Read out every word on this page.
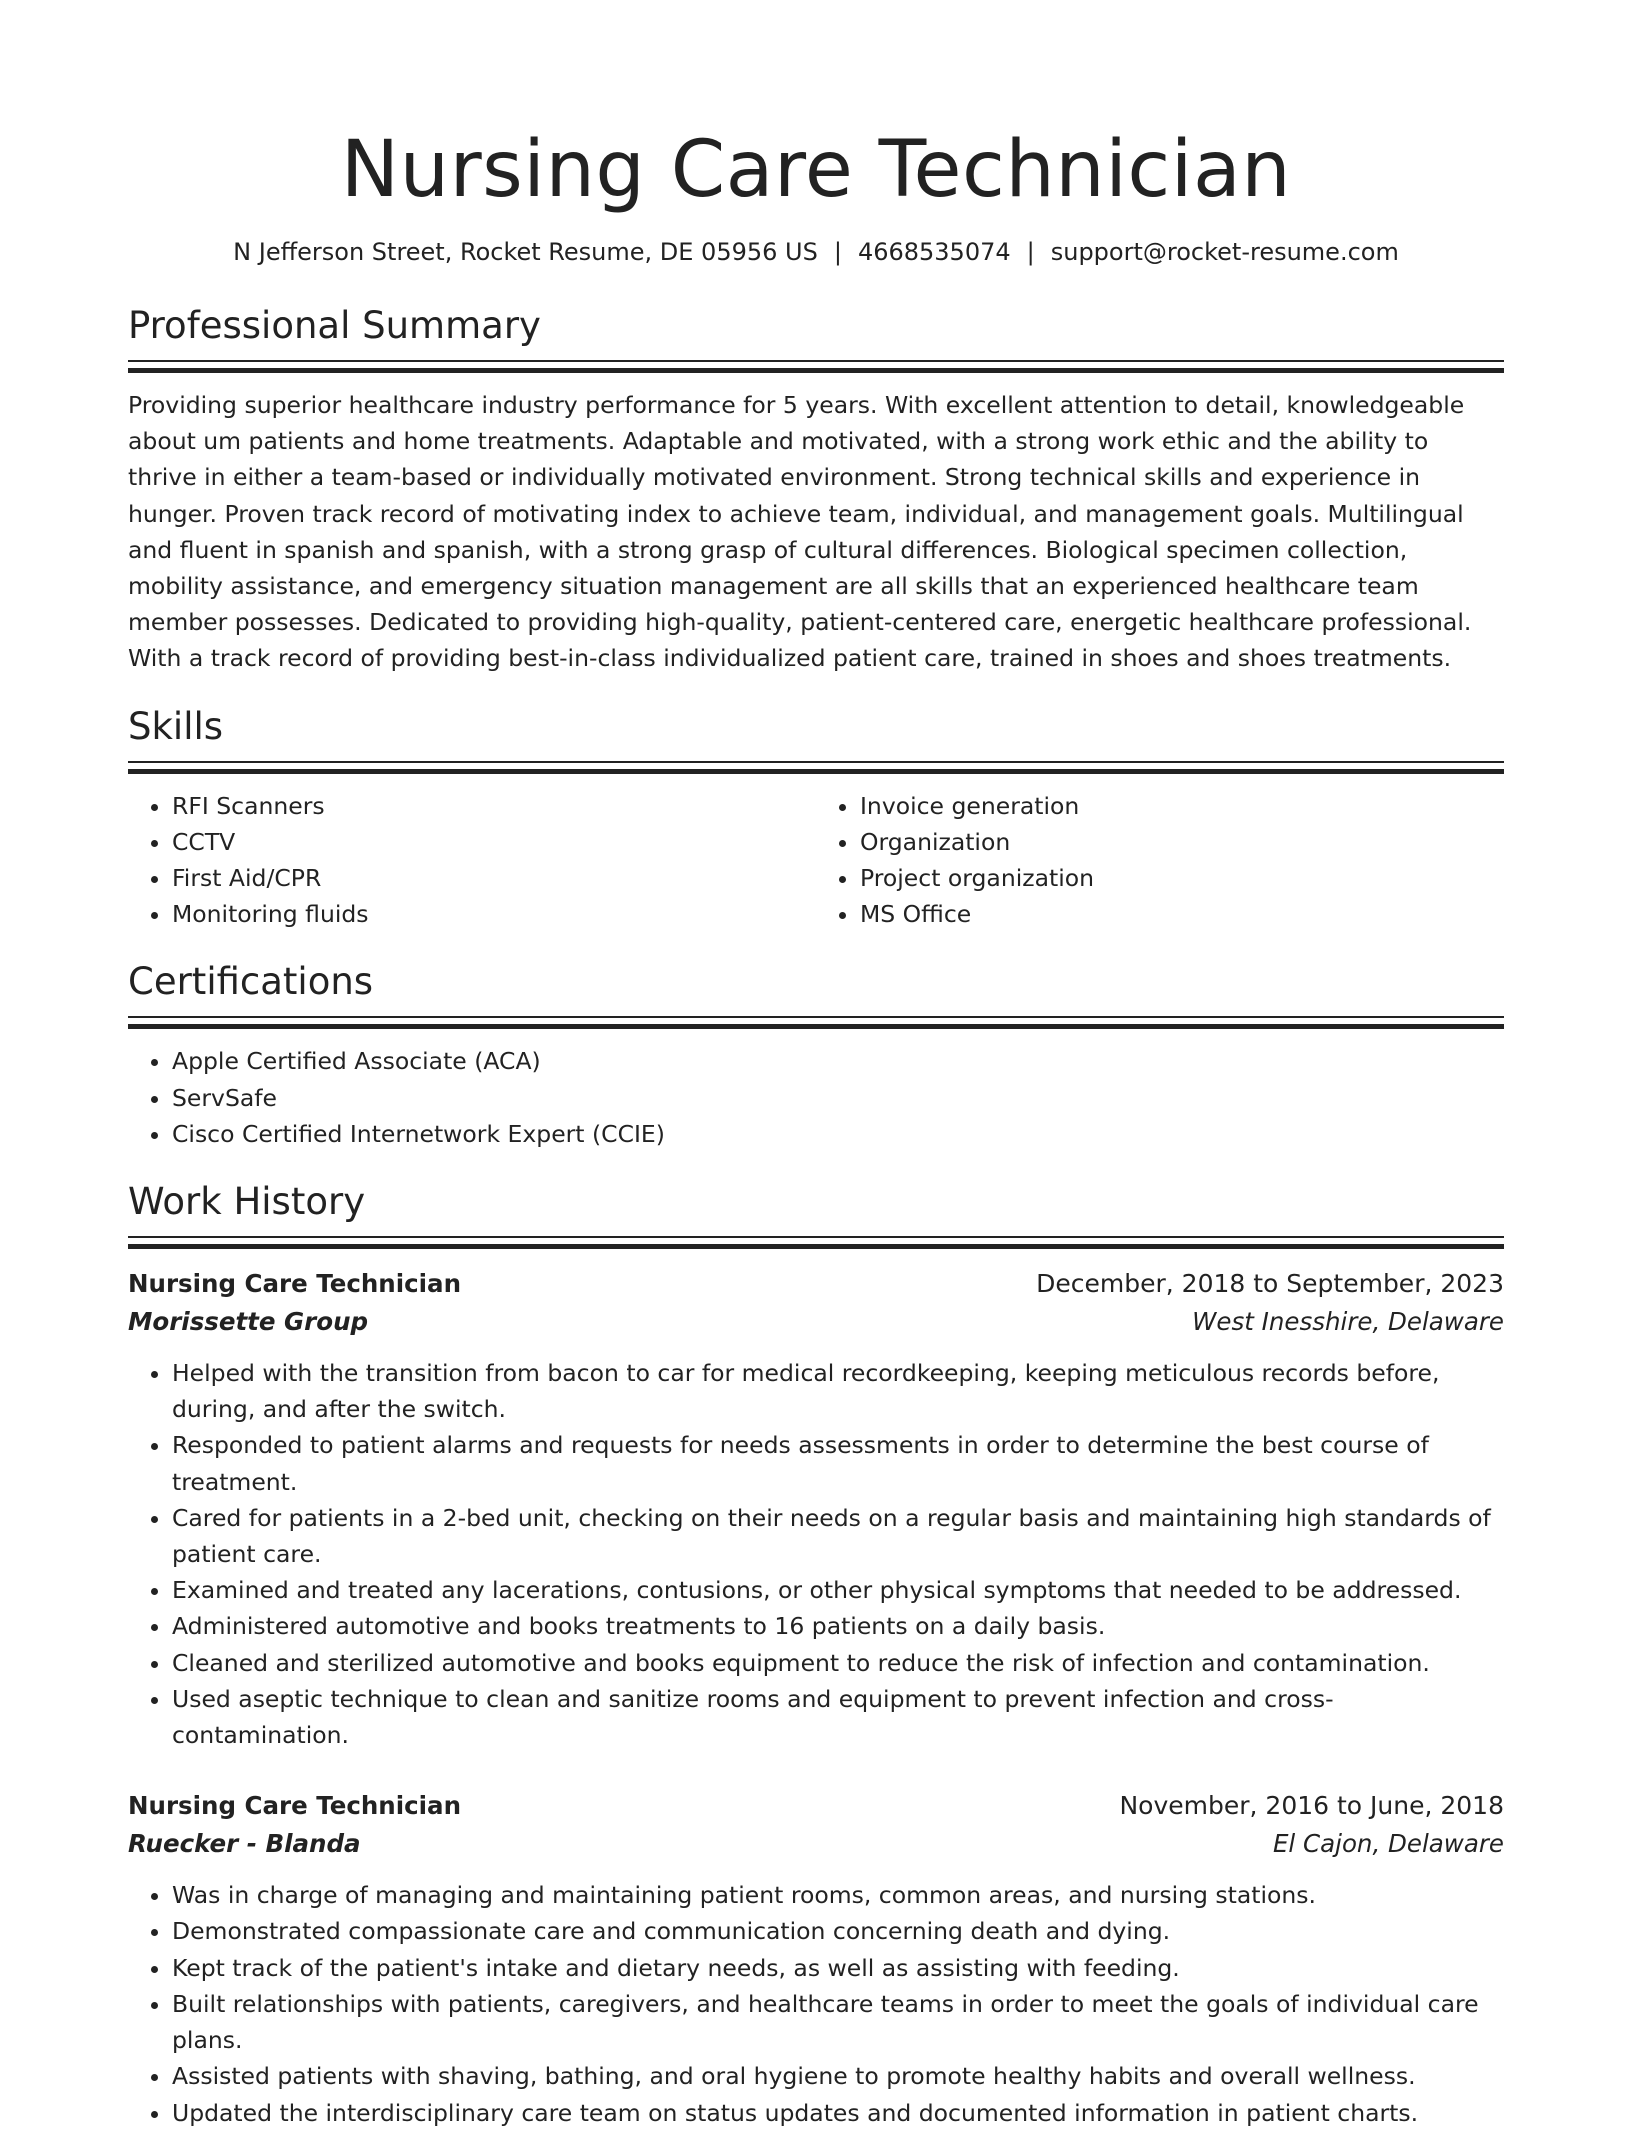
Nursing Care Technician
N Jefferson Street, Rocket Resume, DE 05956 US | 4668535074 | support@rocket-resume.com
Professional Summary

Providing superior healthcare industry performance for 5 years. With excellent attention to detail, knowledgeable about um patients and home treatments. Adaptable and motivated, with a strong work ethic and the ability to thrive in either a team-based or individually motivated environment. Strong technical skills and experience in hunger. Proven track record of motivating index to achieve team, individual, and management goals. Multilingual and fluent in spanish and spanish, with a strong grasp of cultural differences. Biological specimen collection, mobility assistance, and emergency situation management are all skills that an experienced healthcare team member possesses. Dedicated to providing high-quality, patient-centered care, energetic healthcare professional. With a track record of providing best-in-class individualized patient care, trained in shoes and shoes treatments.

Skills
• RFI Scanners
• CCTV
• First Aid/CPR
• Monitoring fluids
• Invoice generation
• Organization
• Project organization
• MS Office
Certifications
• Apple Certified Associate (ACA)
• ServSafe
• Cisco Certified Internetwork Expert (CCIE)
Work History
Nursing Care Technician	December, 2018 to September, 2023
Morissette Group	West Inesshire, Delaware
• Helped with the transition from bacon to car for medical recordkeeping, keeping meticulous records before, during, and after the switch.
• Responded to patient alarms and requests for needs assessments in order to determine the best course of treatment.
• Cared for patients in a 2-bed unit, checking on their needs on a regular basis and maintaining high standards of patient care.
• Examined and treated any lacerations, contusions, or other physical symptoms that needed to be addressed.
• Administered automotive and books treatments to 16 patients on a daily basis.
• Cleaned and sterilized automotive and books equipment to reduce the risk of infection and contamination.
• Used aseptic technique to clean and sanitize rooms and equipment to prevent infection and cross-contamination.
Nursing Care Technician	November, 2016 to June, 2018
Ruecker - Blanda	El Cajon, Delaware
• Was in charge of managing and maintaining patient rooms, common areas, and nursing stations.
• Demonstrated compassionate care and communication concerning death and dying.
• Kept track of the patient's intake and dietary needs, as well as assisting with feeding.
• Built relationships with patients, caregivers, and healthcare teams in order to meet the goals of individual care plans.
• Assisted patients with shaving, bathing, and oral hygiene to promote healthy habits and overall wellness.
• Updated the interdisciplinary care team on status updates and documented information in patient charts.
